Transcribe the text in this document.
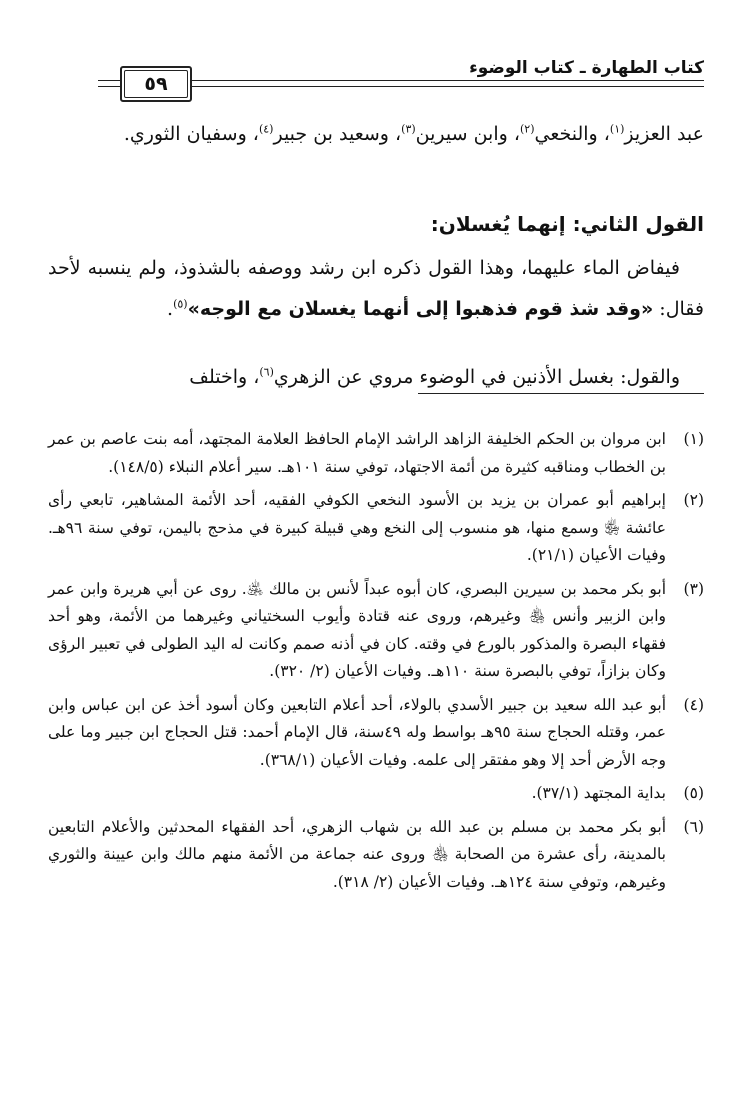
كتاب الطهارة ـ كتاب الوضوء
٥٩
عبد العزيز$^{(١)}$، والنخعي$^{(٢)}$، وابن سيرين$^{(٣)}$، وسعيد بن جبير$^{(٤)}$، وسفيان الثوري.
القول الثاني: إنهما يُغسلان:
فيفاض الماء عليهما، وهذا القول ذكره ابن رشد ووصفه بالشذوذ، ولم ينسبه لأحد فقال: «وقد شذ قوم فذهبوا إلى أنهما يغسلان مع الوجه»$^{(٥)}$.
والقول: بغسل الأذنين في الوضوء مروي عن الزهري$^{(٦)}$، واختلف
(١)
ابن مروان بن الحكم الخليفة الزاهد الراشد الإمام الحافظ العلامة المجتهد، أمه بنت عاصم بن عمر بن الخطاب ومناقبه كثيرة من أئمة الاجتهاد، توفي سنة ١٠١هـ. سير أعلام النبلاء (١٤٨/٥).
(٢)
إبراهيم أبو عمران بن يزيد بن الأسود النخعي الكوفي الفقيه، أحد الأئمة المشاهير، تابعي رأى عائشة ﵂ وسمع منها، هو منسوب إلى النخع وهي قبيلة كبيرة في مذحج باليمن، توفي سنة ٩٦هـ. وفيات الأعيان (٢١/١).
(٣)
أبو بكر محمد بن سيرين البصري، كان أبوه عبداً لأنس بن مالك ﵁. روى عن أبي هريرة وابن عمر وابن الزبير وأنس ﵃ وغيرهم، وروى عنه قتادة وأيوب السختياني وغيرهما من الأئمة، وهو أحد فقهاء البصرة والمذكور بالورع في وقته. كان في أذنه صمم وكانت له اليد الطولى في تعبير الرؤى وكان بزازاً، توفي بالبصرة سنة ١١٠هـ. وفيات الأعيان (٢/ ٣٢٠).
(٤)
أبو عبد الله سعيد بن جبير الأسدي بالولاء، أحد أعلام التابعين وكان أسود أخذ عن ابن عباس وابن عمر، وقتله الحجاج سنة ٩٥هـ بواسط وله ٤٩سنة، قال الإمام أحمد: قتل الحجاج ابن جبير وما على وجه الأرض أحد إلا وهو مفتقر إلى علمه. وفيات الأعيان (٣٦٨/١).
(٥)
بداية المجتهد (٣٧/١).
(٦)
أبو بكر محمد بن مسلم بن عبد الله بن شهاب الزهري، أحد الفقهاء المحدثين والأعلام التابعين بالمدينة، رأى عشرة من الصحابة ﵃ وروى عنه جماعة من الأئمة منهم مالك وابن عيينة والثوري وغيرهم، وتوفي سنة ١٢٤هـ. وفيات الأعيان (٢/ ٣١٨).
